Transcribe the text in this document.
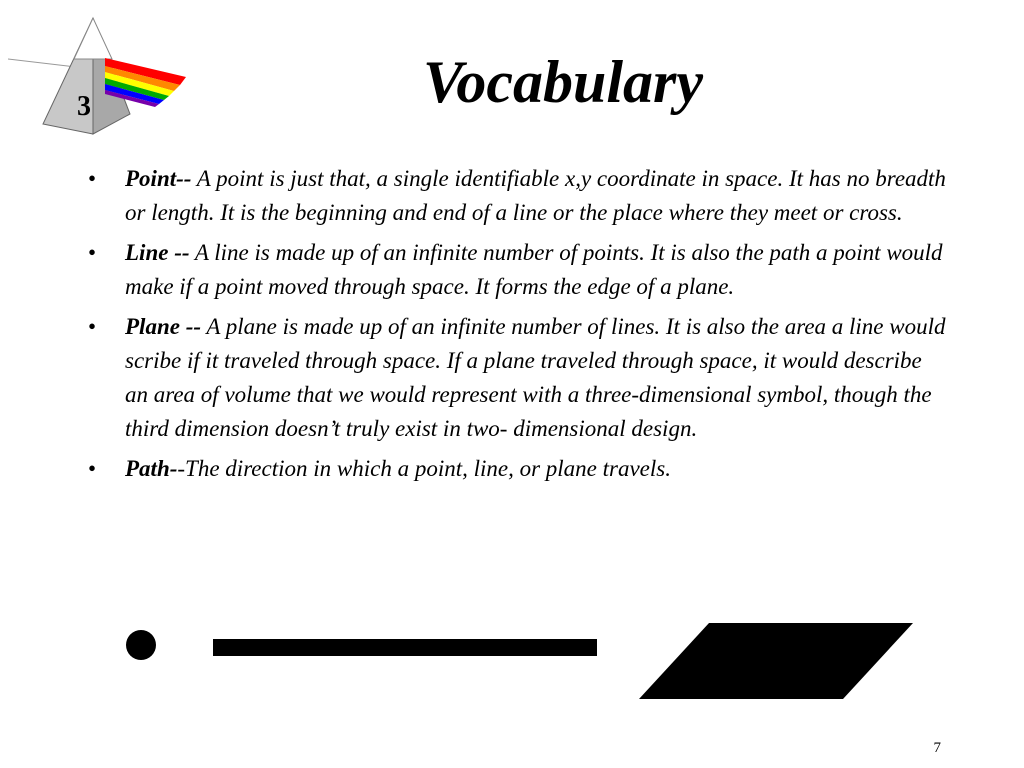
3	Vocabulary
• Point-- A point is just that, a single identifiable x,y coordinate in space. It has no breadth or length. It is the beginning and end of a line or the place where they meet or cross.
• Line -- A line is made up of an infinite number of points. It is also the path a point would make if a point moved through space. It forms the edge of a plane.
• Plane -- A plane is made up of an infinite number of lines. It is also the area a line would scribe if it traveled through space. If a plane traveled through space, it would describe an area of volume that we would represent with a three-dimensional symbol, though the third dimension doesn’t truly exist in two- dimensional design.
• Path--The direction in which a point, line, or plane travels.
7
